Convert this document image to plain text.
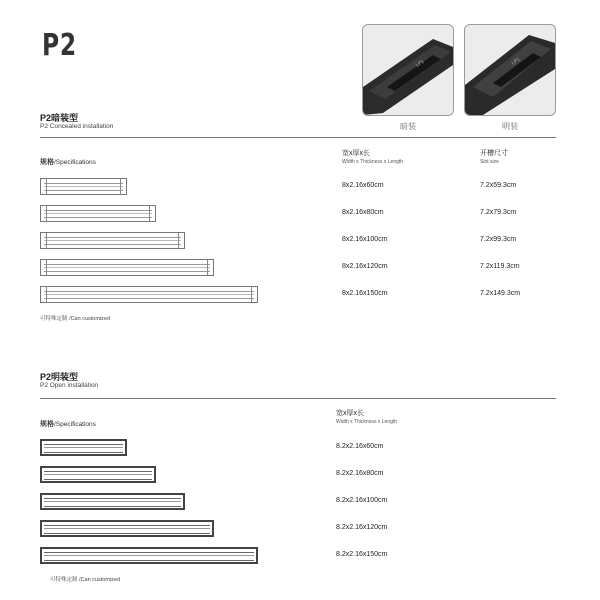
P2
LP1	LP1
暗装	明装
P2暗装型
P2 Concealed installation
规格/Specifications
宽x厚x长
Width x Thickness x Length
开槽尺寸
Slot size
8x2.16x60cm	7.2x59.3cm
8x2.16x80cm	7.2x79.3cm
8x2.16x100cm	7.2x99.3cm
8x2.16x120cm	7.2x119.3cm
8x2.16x150cm	7.2x149.3cm
可特殊定制 /Can customized
P2明装型
P2 Open installation
规格/Specifications
宽x厚x长
Width x Thickness x Length
8.2x2.16x60cm
8.2x2.16x80cm
8.2x2.16x100cm
8.2x2.16x120cm
8.2x2.16x150cm
可特殊定制 /Can customized
